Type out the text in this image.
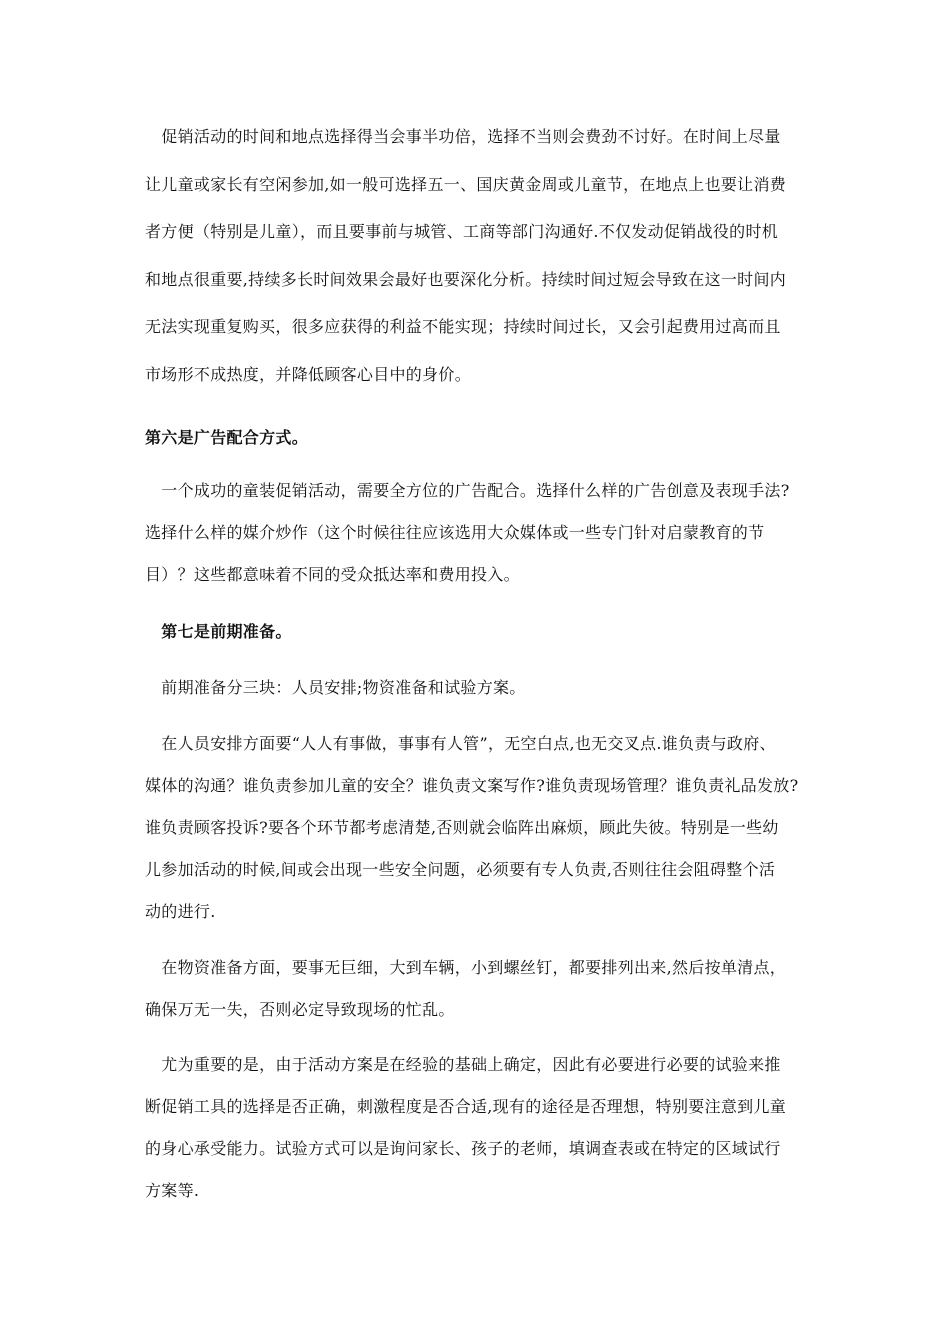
　促销活动的时间和地点选择得当会事半功倍，选择不当则会费劲不讨好。在时间上尽量
让儿童或家长有空闲参加,如一般可选择五一、国庆黄金周或儿童节，在地点上也要让消费
者方便（特别是儿童），而且要事前与城管、工商等部门沟通好.不仅发动促销战役的时机
和地点很重要,持续多长时间效果会最好也要深化分析。持续时间过短会导致在这一时间内
无法实现重复购买，很多应获得的利益不能实现；持续时间过长，又会引起费用过高而且
市场形不成热度，并降低顾客心目中的身价。
第六是广告配合方式。
　一个成功的童装促销活动，需要全方位的广告配合。选择什么样的广告创意及表现手法?
选择什么样的媒介炒作（这个时候往往应该选用大众媒体或一些专门针对启蒙教育的节
目）？这些都意味着不同的受众抵达率和费用投入。
　第七是前期准备。
　前期准备分三块：人员安排;物资准备和试验方案。
　在人员安排方面要“人人有事做，事事有人管”，无空白点,也无交叉点.谁负责与政府、
媒体的沟通？谁负责参加儿童的安全？谁负责文案写作?谁负责现场管理？谁负责礼品发放?
谁负责顾客投诉?要各个环节都考虑清楚,否则就会临阵出麻烦，顾此失彼。特别是一些幼
儿参加活动的时候,间或会出现一些安全问题，必须要有专人负责,否则往往会阻碍整个活
动的进行.
　在物资准备方面，要事无巨细，大到车辆，小到螺丝钉，都要排列出来,然后按单清点，
确保万无一失，否则必定导致现场的忙乱。
　尤为重要的是，由于活动方案是在经验的基础上确定，因此有必要进行必要的试验来推
断促销工具的选择是否正确，刺激程度是否合适,现有的途径是否理想，特别要注意到儿童
的身心承受能力。试验方式可以是询问家长、孩子的老师，填调查表或在特定的区域试行
方案等.
